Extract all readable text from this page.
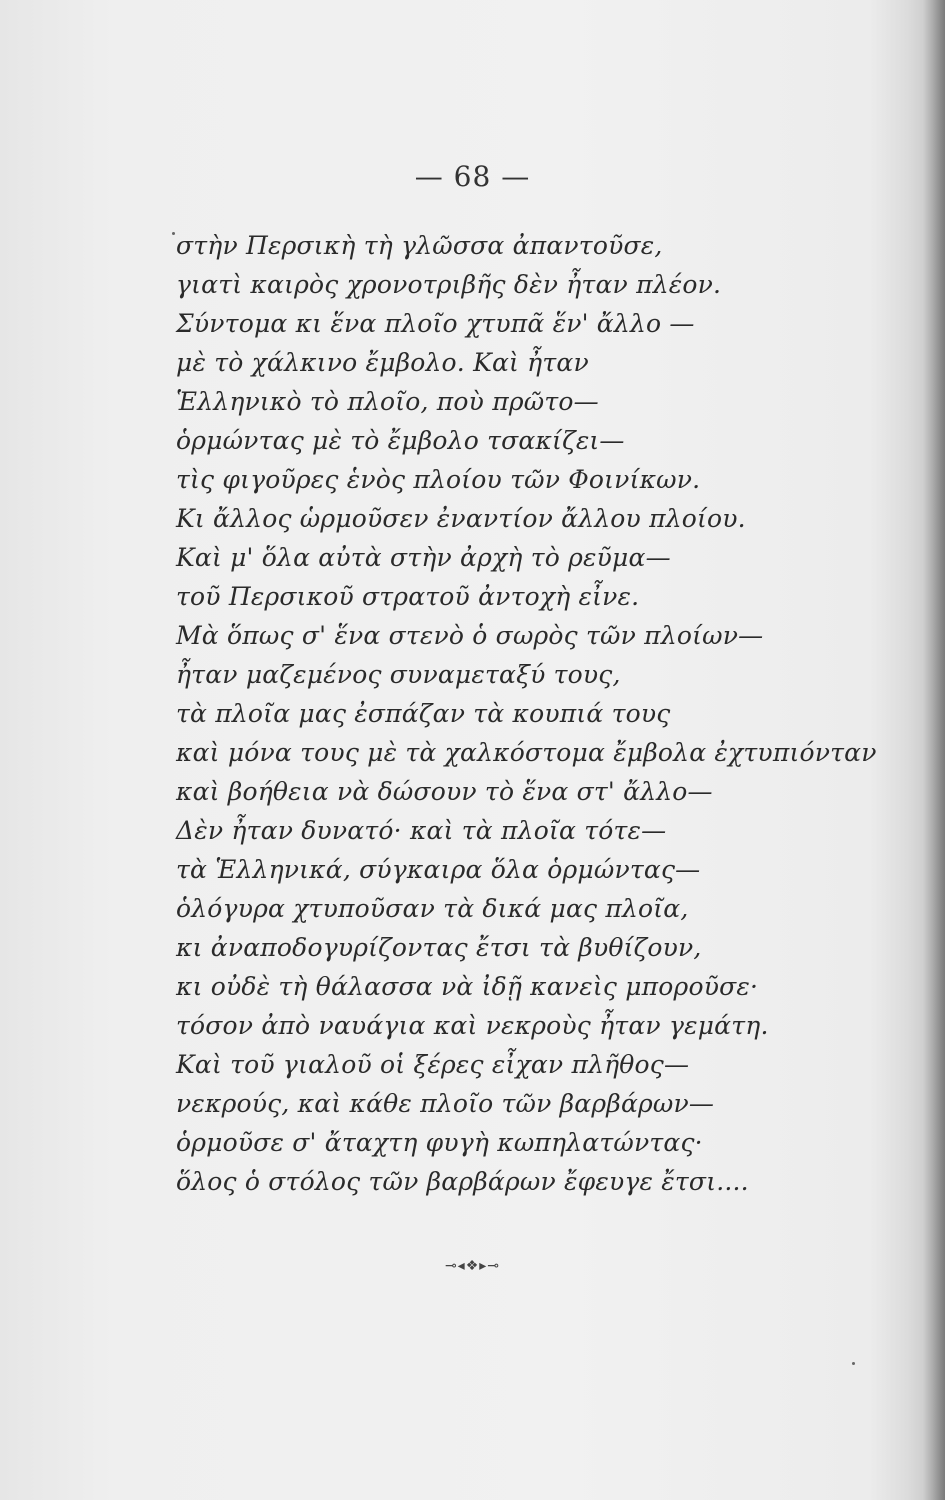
— 68 —
στὴν Περσικὴ τὴ γλῶσσα ἀπαντοῦσε,
γιατὶ καιρὸς χρονοτριβῆς δὲν ἦταν πλέον.
Σύντομα κι ἕνα πλοῖο χτυπᾶ ἕν' ἄλλο —
μὲ τὸ χάλκινο ἔμβολο. Καὶ ἦταν
Ἑλληνικὸ τὸ πλοῖο, ποὺ πρῶτο—
ὁρμώντας μὲ τὸ ἔμβολο τσακίζει—
τὶς φιγοῦρες ἑνὸς πλοίου τῶν Φοινίκων.
Κι ἄλλος ὡρμοῦσεν ἐναντίον ἄλλου πλοίου.
Καὶ μ' ὅλα αὐτὰ στὴν ἀρχὴ τὸ ρεῦμα—
τοῦ Περσικοῦ στρατοῦ ἀντοχὴ εἶνε.
Μὰ ὅπως σ' ἕνα στενὸ ὁ σωρὸς τῶν πλοίων—
ἦταν μαζεμένος συναμεταξύ τους,
τὰ πλοῖα μας ἐσπάζαν τὰ κουπιά τους
καὶ μόνα τους μὲ τὰ χαλκόστομα ἔμβολα ἐχτυπιόνταν
καὶ βοήθεια νὰ δώσουν τὸ ἕνα στ' ἄλλο—
Δὲν ἦταν δυνατό· καὶ τὰ πλοῖα τότε—
τὰ Ἑλληνικά, σύγκαιρα ὅλα ὁρμώντας—
ὁλόγυρα χτυποῦσαν τὰ δικά μας πλοῖα,
κι ἀναποδογυρίζοντας ἔτσι τὰ βυθίζουν,
κι οὐδὲ τὴ θάλασσα νὰ ἰδῇ κανεὶς μποροῦσε·
τόσον ἀπὸ ναυάγια καὶ νεκροὺς ἦταν γεμάτη.
Καὶ τοῦ γιαλοῦ οἱ ξέρες εἶχαν πλῆθος—
νεκρούς, καὶ κάθε πλοῖο τῶν βαρβάρων—
ὁρμοῦσε σ' ἄταχτη φυγὴ κωπηλατώντας·
ὅλος ὁ στόλος τῶν βαρβάρων ἔφευγε ἔτσι....
⊸◂❖▸⊸
